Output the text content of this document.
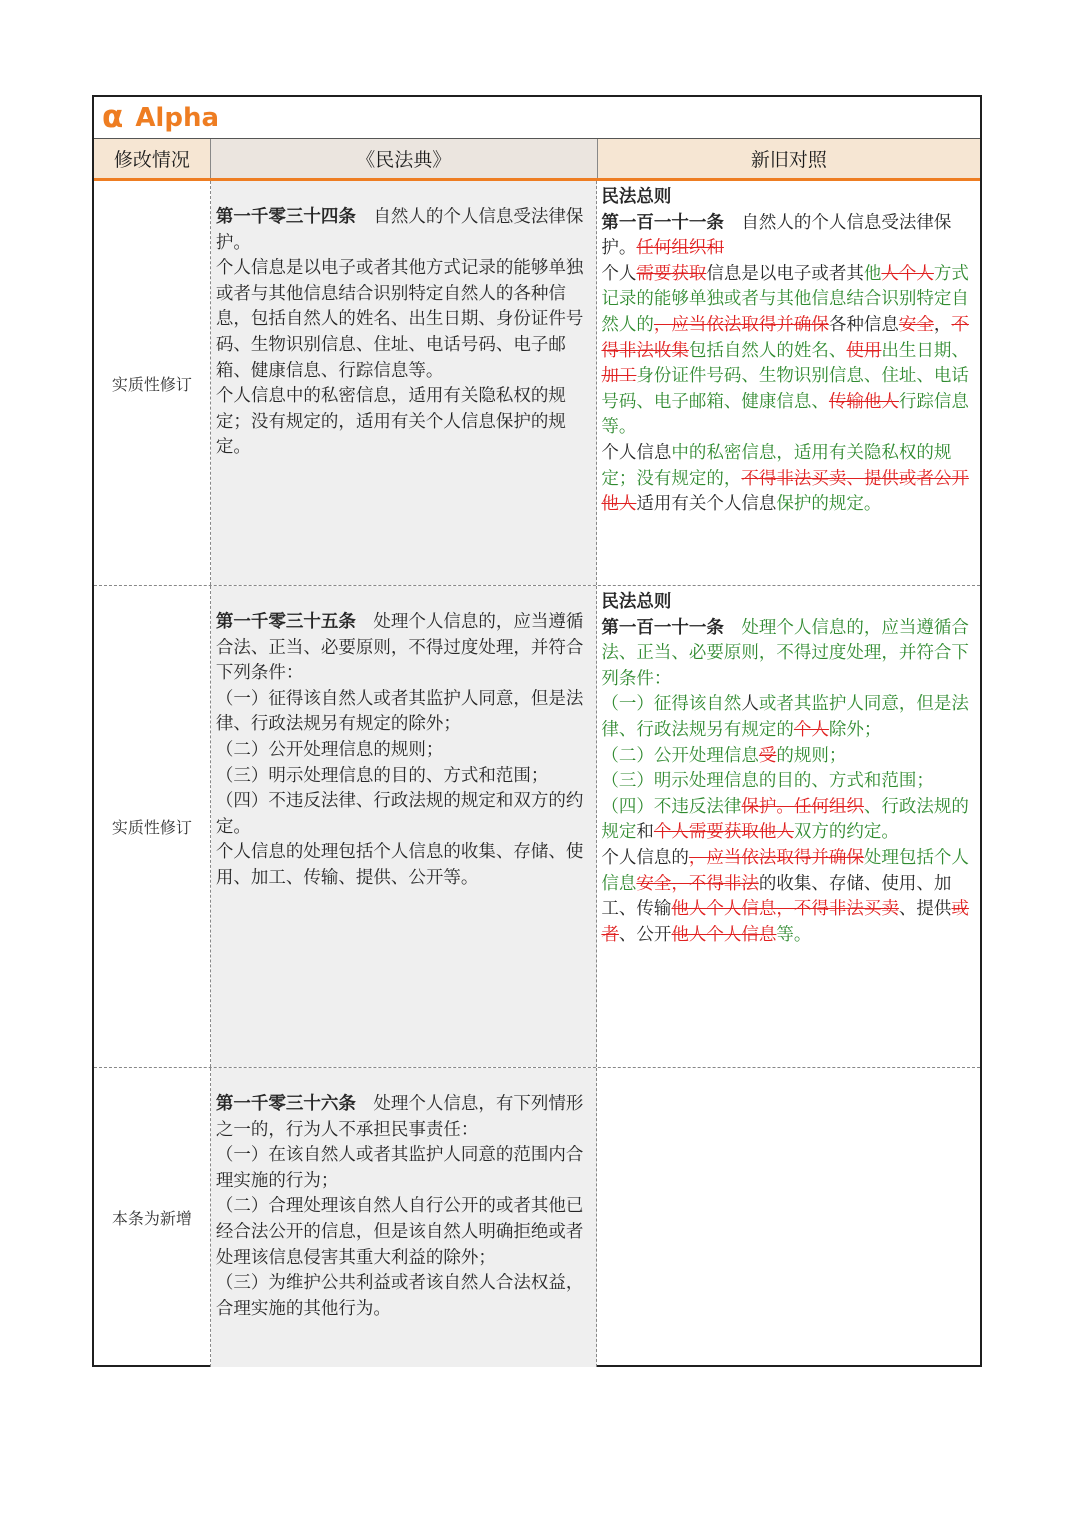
α Alpha
修改情况	《民法典》	新旧对照
实质性修订
第一千零三十四条　自然人的个人信息受法律保护。
个人信息是以电子或者其他方式记录的能够单独或者与其他信息结合识别特定自然人的各种信息，包括自然人的姓名、出生日期、身份证件号码、生物识别信息、住址、电话号码、电子邮箱、健康信息、行踪信息等。
个人信息中的私密信息，适用有关隐私权的规定；没有规定的，适用有关个人信息保护的规定。
民法总则
第一百一十一条　自然人的个人信息受法律保护。任何组织和
个人需要获取信息是以电子或者其他人个人方式记录的能够单独或者与其他信息结合识别特定自然人的，应当依法取得并确保各种信息安全，不得非法收集包括自然人的姓名、使用出生日期、加工身份证件号码、生物识别信息、住址、电话号码、电子邮箱、健康信息、传输他人行踪信息等。
个人信息中的私密信息，适用有关隐私权的规定；没有规定的，不得非法买卖、提供或者公开他人适用有关个人信息保护的规定。
实质性修订
第一千零三十五条　处理个人信息的，应当遵循合法、正当、必要原则，不得过度处理，并符合下列条件：
（一）征得该自然人或者其监护人同意，但是法律、行政法规另有规定的除外；
（二）公开处理信息的规则；
（三）明示处理信息的目的、方式和范围；
（四）不违反法律、行政法规的规定和双方的约定。
个人信息的处理包括个人信息的收集、存储、使用、加工、传输、提供、公开等。
民法总则
第一百一十一条　处理个人信息的，应当遵循合法、正当、必要原则，不得过度处理，并符合下列条件：
（一）征得该自然人或者其监护人同意，但是法律、行政法规另有规定的个人除外；
（二）公开处理信息受的规则；
（三）明示处理信息的目的、方式和范围；
（四）不违反法律保护。任何组织、行政法规的规定和个人需要获取他人双方的约定。
个人信息的，应当依法取得并确保处理包括个人信息安全，不得非法的收集、存储、使用、加工、传输他人个人信息，不得非法买卖、提供或者、公开他人个人信息等。
本条为新增
第一千零三十六条　处理个人信息，有下列情形之一的，行为人不承担民事责任：
（一）在该自然人或者其监护人同意的范围内合理实施的行为；
（二）合理处理该自然人自行公开的或者其他已经合法公开的信息，但是该自然人明确拒绝或者处理该信息侵害其重大利益的除外；
（三）为维护公共利益或者该自然人合法权益，合理实施的其他行为。
